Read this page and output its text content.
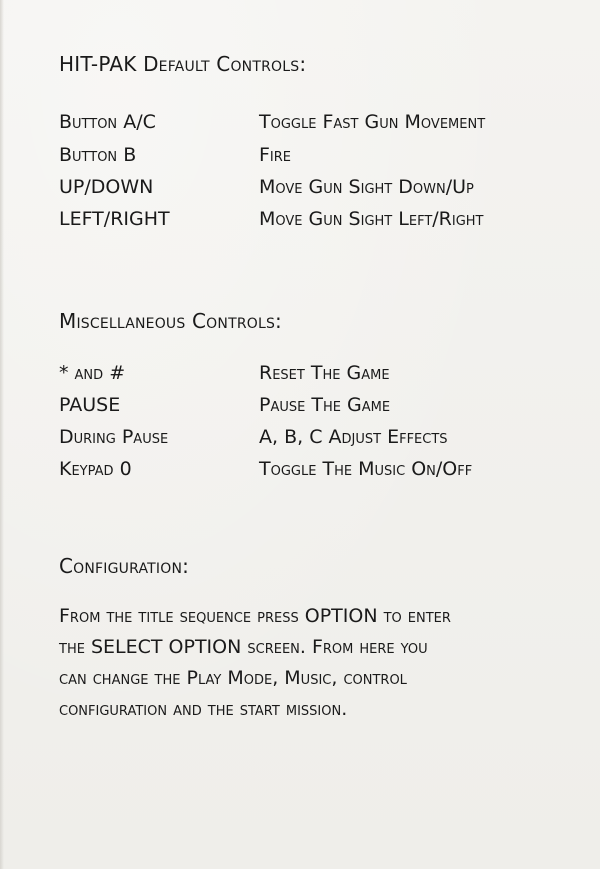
HIT-PAK Default Controls:
Button A/C	Toggle Fast Gun Movement
Button B	Fire
UP/DOWN	Move Gun Sight Down/Up
LEFT/RIGHT	Move Gun Sight Left/Right
Miscellaneous Controls:
* and #	Reset The Game
PAUSE	Pause The Game
During Pause	A, B, C Adjust Effects
Keypad 0	Toggle The Music On/Off
Configuration:
From the title sequence press OPTION to enter
the SELECT OPTION screen. From here you
can change the Play Mode, Music, control
configuration and the start mission.
